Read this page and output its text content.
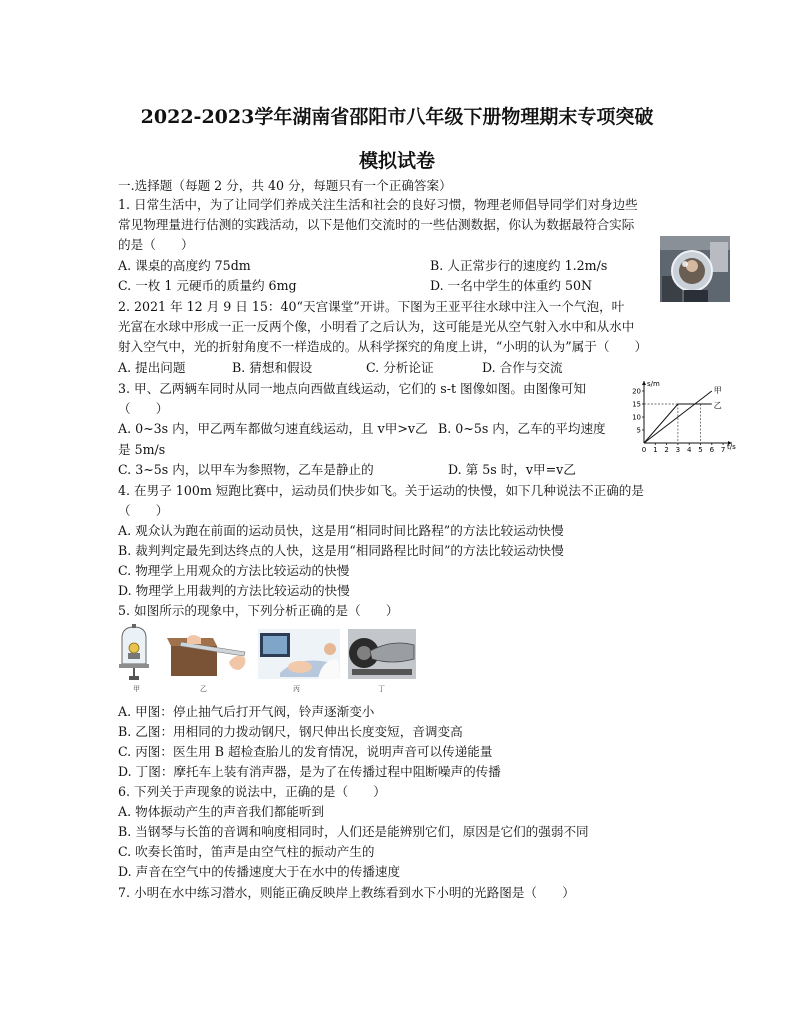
2022-2023学年湖南省邵阳市八年级下册物理期末专项突破
模拟试卷
一.选择题（每题 2 分，共 40 分，每题只有一个正确答案）
1. 日常生活中，为了让同学们养成关注生活和社会的良好习惯，物理老师倡导同学们对身边些
常见物理量进行估测的实践活动，以下是他们交流时的一些估测数据，你认为数据最符合实际
的是（　　）
A. 课桌的高度约 75dm	B. 人正常步行的速度约 1.2m/s
C. 一枚 1 元硬币的质量约 6mg	D. 一名中学生的体重约 50N
2. 2021 年 12 月 9 日 15：40“天宫课堂”开讲。下图为王亚平往水球中注入一个气泡，叶
光富在水球中形成一正一反两个像，小明看了之后认为，这可能是光从空气射入水中和从水中
射入空气中，光的折射角度不一样造成的。从科学探究的角度上讲，“小明的认为”属于（　　）
A. 提出问题	B. 猜想和假设	C. 分析论证	D. 合作与交流
3. 甲、乙两辆车同时从同一地点向西做直线运动，它们的 s-t 图像如图。由图像可知
（　　）
A. 0~3s 内，甲乙两车都做匀速直线运动，且 v甲>v乙 B. 0~5s 内，乙车的平均速度
是 5m/s
C. 3~5s 内，以甲车为参照物，乙车是静止的	D. 第 5s 时，v甲=v乙
s/m
t/s
20
15
10
5
0 1 2 3 4 5 6 7
甲
乙
4. 在男子 100m 短跑比赛中，运动员们快步如飞。关于运动的快慢，如下几种说法不正确的是
（　　）
A. 观众认为跑在前面的运动员快，这是用“相同时间比路程”的方法比较运动快慢
B. 裁判判定最先到达终点的人快，这是用“相同路程比时间”的方法比较运动快慢
C. 物理学上用观众的方法比较运动的快慢
D. 物理学上用裁判的方法比较运动的快慢
5. 如图所示的现象中，下列分析正确的是（　　）
甲	乙	丙	丁
A. 甲图：停止抽气后打开气阀，铃声逐渐变小
B. 乙图：用相同的力拨动钢尺，钢尺伸出长度变短，音调变高
C. 丙图：医生用 B 超检查胎儿的发育情况，说明声音可以传递能量
D. 丁图：摩托车上装有消声器，是为了在传播过程中阻断噪声的传播
6. 下列关于声现象的说法中，正确的是（　　）
A. 物体振动产生的声音我们都能听到
B. 当钢琴与长笛的音调和响度相同时，人们还是能辨别它们，原因是它们的强弱不同
C. 吹奏长笛时，笛声是由空气柱的振动产生的
D. 声音在空气中的传播速度大于在水中的传播速度
7. 小明在水中练习潜水，则能正确反映岸上教练看到水下小明的光路图是（　　）
